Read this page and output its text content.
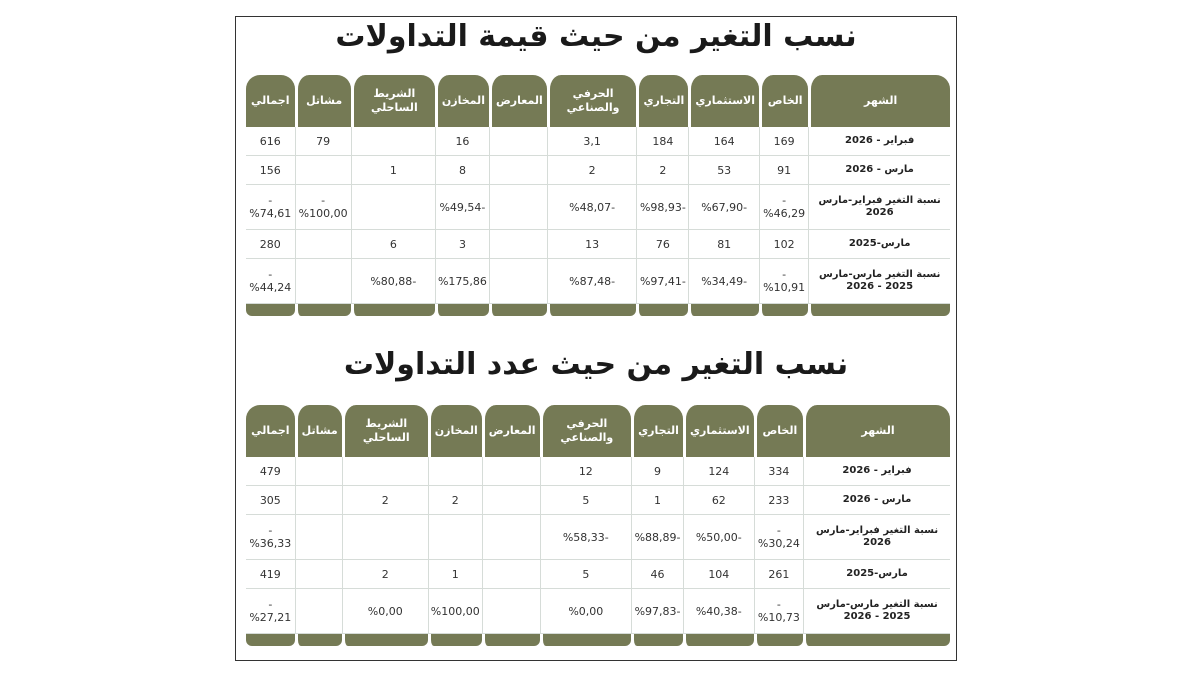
نسب التغير من حيث قيمة التداولات
الشهر	الخاص	الاستثماري	التجاري	الحرفي والصناعي	المعارض	المخازن	الشريط الساحلي	مشاتل	اجمالي
فبراير - 2026	169	164	184	3,1		16		79	616
مارس - 2026	91	53	2	2		8	1		156
نسبة التغير فبراير-مارس 2026	-%46,29	-%67,90	-%98,93	-%48,07		-%49,54		-%100,00	-%74,61
مارس-2025	102	81	76	13		3	6		280
نسبة التغير مارس-مارس 2025 - 2026	-%10,91	-%34,49	-%97,41	-%87,48		%175,86	-%80,88		-%44,24

نسب التغير من حيث عدد التداولات
الشهر	الخاص	الاستثماري	التجاري	الحرفي والصناعي	المعارض	المخازن	الشريط الساحلي	مشاتل	اجمالي
فبراير - 2026	334	124	9	12					479
مارس - 2026	233	62	1	5		2	2		305
نسبة التغير فبراير-مارس 2026	-%30,24	-%50,00	-%88,89	-%58,33					-%36,33
مارس-2025	261	104	46	5		1	2		419
نسبة التغير مارس-مارس 2025 - 2026	-%10,73	-%40,38	-%97,83	%0,00		%100,00	%0,00		-%27,21
